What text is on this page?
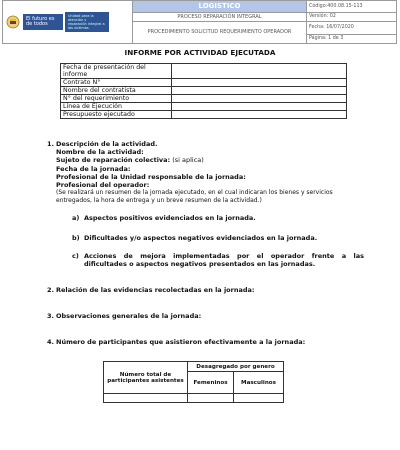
El futuro es de todos
Unidad para la atención y reparación integral a las víctimas	LOGISTICO	Código:400.08.15-113
	PROCESO REPARACIÓN INTEGRAL	Versión: 02
	PROCEDIMIENTO SOLICITUD REQUERIMIENTO OPERADOR	Fecha: 16/07/2020
		Página: 1 de 3
INFORME POR ACTIVIDAD EJECUTADA
Fecha de presentación del informe	
Contrato N°	
Nombre del contratista	
N° del requerimiento	
Línea de Ejecución	
Presupuesto ejecutado	
1. Descripción de la actividad.
Nombre de la actividad:
Sujeto de reparación colectiva: (si aplica)
Fecha de la jornada:
Profesional de la Unidad responsable de la jornada:
Profesional del operador:
(Se realizará un resumen de la jornada ejecutado, en el cual indicaran los bienes y servicios entregados, la hora de entrega y un breve resumen de la actividad.)
a) Aspectos positivos evidenciados en la jornada.
b) Dificultades y/o aspectos negativos evidenciados en la jornada.
c) Acciones de mejora implementadas por el operador frente a las
dificultades o aspectos negativos presentados en las jornadas.
2. Relación de las evidencias recolectadas en la jornada:
3. Observaciones generales de la jornada:
4. Número de participantes que asistieron efectivamente a la jornada:
Número total de participantes asistentes	Desagregado por genero	
	Femeninos	Masculinos
